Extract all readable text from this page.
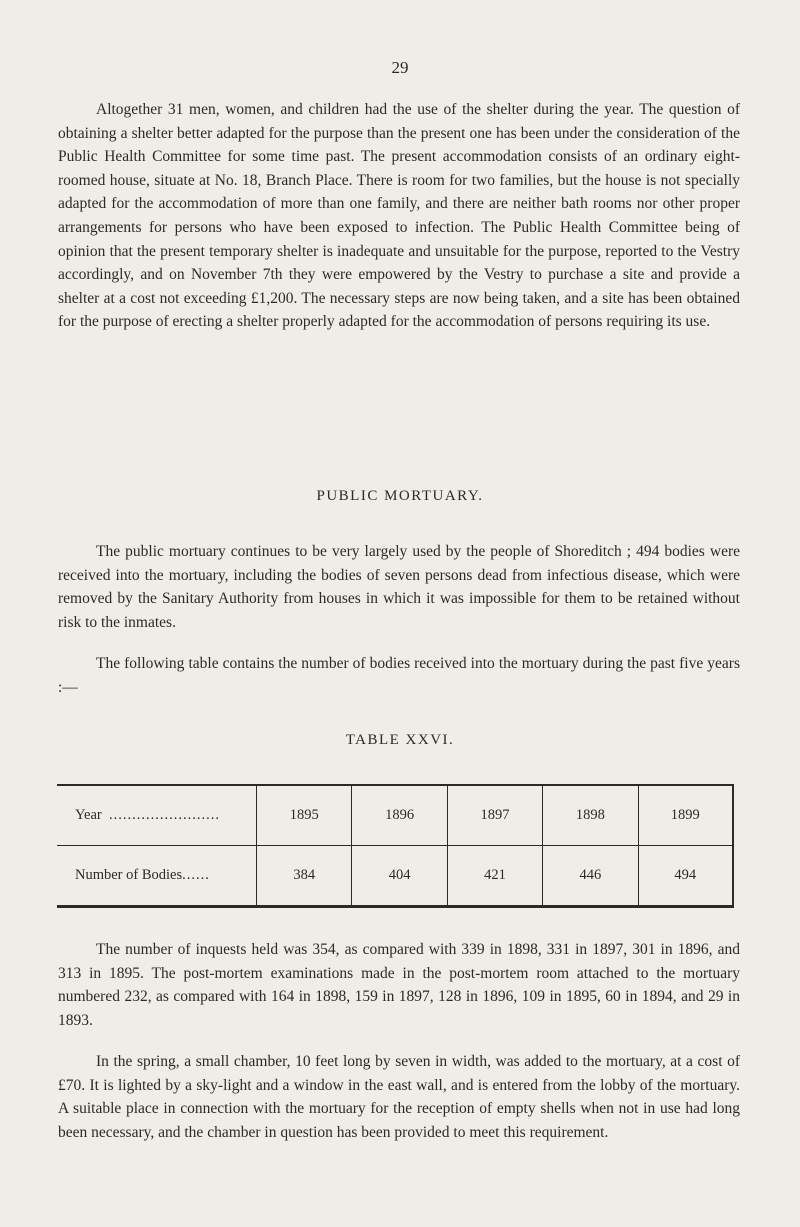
29

Altogether 31 men, women, and children had the use of the shelter during the year. The question of obtaining a shelter better adapted for the purpose than the present one has been under the consideration of the Public Health Committee for some time past. The present accommodation consists of an ordinary eight-roomed house, situate at No. 18, Branch Place. There is room for two families, but the house is not specially adapted for the accommodation of more than one family, and there are neither bath rooms nor other proper arrangements for persons who have been exposed to infection. The Public Health Committee being of opinion that the present temporary shelter is inadequate and unsuitable for the purpose, reported to the Vestry accordingly, and on November 7th they were empowered by the Vestry to purchase a site and provide a shelter at a cost not exceeding £1,200. The necessary steps are now being taken, and a site has been obtained for the purpose of erecting a shelter properly adapted for the accommodation of persons requiring its use.

PUBLIC MORTUARY.

The public mortuary continues to be very largely used by the people of Shoreditch ; 494 bodies were received into the mortuary, including the bodies of seven persons dead from infectious disease, which were removed by the Sanitary Authority from houses in which it was impossible for them to be retained without risk to the inmates.

The following table contains the number of bodies received into the mortuary during the past five years :—

TABLE XXVI.
Year ........................	1895	1896	1897	1898	1899
Number of Bodies......	384	404	421	446	494

The number of inquests held was 354, as compared with 339 in 1898, 331 in 1897, 301 in 1896, and 313 in 1895. The post-mortem examinations made in the post-mortem room attached to the mortuary numbered 232, as compared with 164 in 1898, 159 in 1897, 128 in 1896, 109 in 1895, 60 in 1894, and 29 in 1893.

In the spring, a small chamber, 10 feet long by seven in width, was added to the mortuary, at a cost of £70. It is lighted by a sky-light and a window in the east wall, and is entered from the lobby of the mortuary. A suitable place in connection with the mortuary for the reception of empty shells when not in use had long been necessary, and the chamber in question has been provided to meet this requirement.
